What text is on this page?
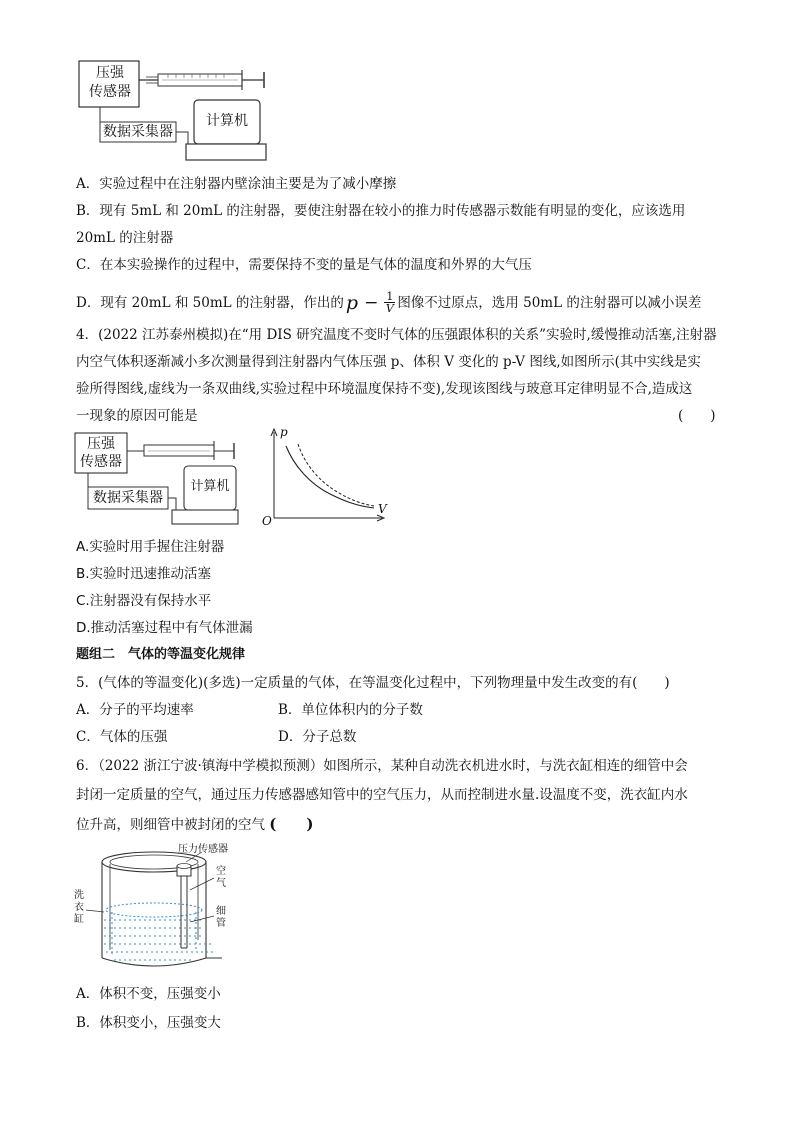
压强
传感器
数据采集器
计算机
A．实验过程中在注射器内壁涂油主要是为了减小摩擦
B．现有 5mL 和 20mL 的注射器，要使注射器在较小的推力时传感器示数能有明显的变化，应该选用
20mL 的注射器
C．在本实验操作的过程中，需要保持不变的量是气体的温度和外界的大气压
D．现有 20mL 和 50mL 的注射器，作出的 $p - \frac{1}{V}$ 图像不过原点，选用 50mL 的注射器可以减小误差
4．(2022 江苏泰州模拟)在“用 DIS 研究温度不变时气体的压强跟体积的关系”实验时,缓慢推动活塞,注射器
内空气体积逐渐减小多次测量得到注射器内气体压强 p、体积 V 变化的 p-V 图线,如图所示(其中实线是实
验所得图线,虚线为一条双曲线,实验过程中环境温度保持不变),发现该图线与玻意耳定律明显不合,造成这
一现象的原因可能是	(　　)
压强
传感器
数据采集器
计算机
p
V
O
A.实验时用手握住注射器
B.实验时迅速推动活塞
C.注射器没有保持水平
D.推动活塞过程中有气体泄漏
题组二　气体的等温变化规律
5．(气体的等温变化)(多选)一定质量的气体，在等温变化过程中，下列物理量中发生改变的有(　　)
A．分子的平均速率	B．单位体积内的分子数
C．气体的压强	D．分子总数
6．（2022 浙江宁波·镇海中学模拟预测）如图所示，某种自动洗衣机进水时，与洗衣缸相连的细管中会
封闭一定质量的空气，通过压力传感器感知管中的空气压力，从而控制进水量.设温度不变，洗衣缸内水
位升高，则细管中被封闭的空气 (　　)
压力传感器
洗
衣
缸
空
气
细
管
A．体积不变，压强变小
B．体积变小，压强变大
